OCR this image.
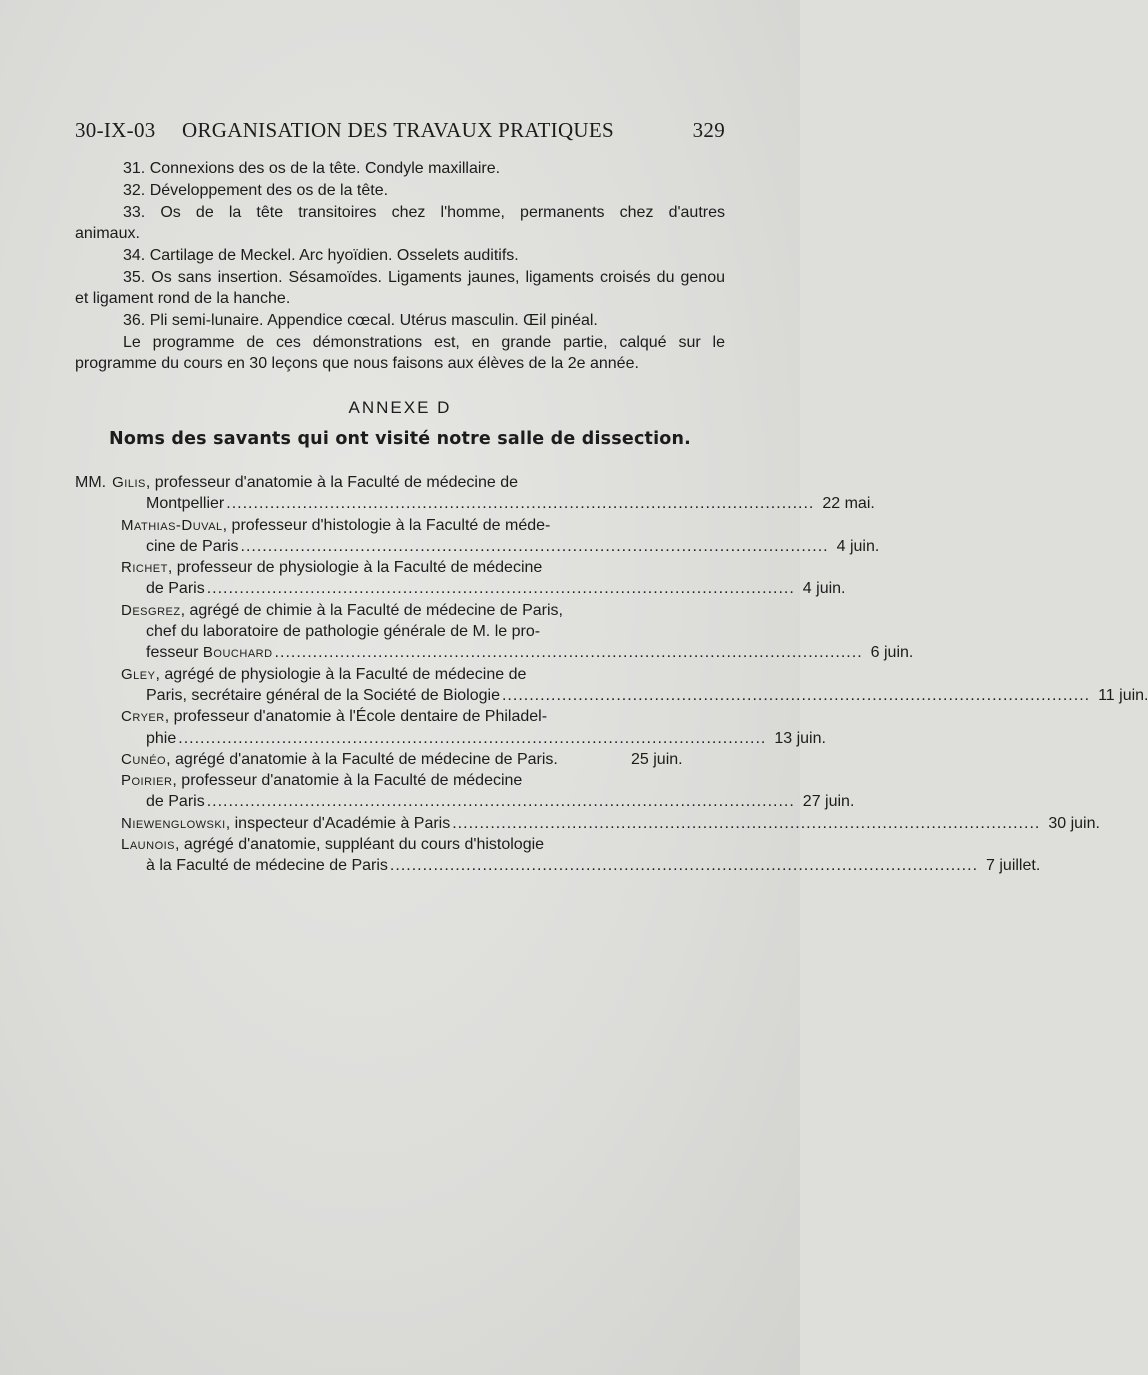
30-IX-03 ORGANISATION DES TRAVAUX PRATIQUES	329

31. Connexions des os de la tête. Condyle maxillaire.

32. Développement des os de la tête.

33. Os de la tête transitoires chez l'homme, permanents chez d'autres animaux.

34. Cartilage de Meckel. Arc hyoïdien. Osselets auditifs.

35. Os sans insertion. Sésamoïdes. Ligaments jaunes, ligaments croisés du genou et ligament rond de la hanche.

36. Pli semi-lunaire. Appendice cœcal. Utérus masculin. Œil pinéal.

Le programme de ces démonstrations est, en grande partie, calqué sur le programme du cours en 30 leçons que nous faisons aux élèves de la 2e année.

ANNEXE D
Noms des savants qui ont visité notre salle de dissection.
MM. Gilis, professeur d'anatomie à la Faculté de médecine de
Montpellier ............................................................................................................ 22 mai.
Mathias-Duval, professeur d'histologie à la Faculté de méde-
cine de Paris ............................................................................................................ 4 juin.
Richet, professeur de physiologie à la Faculté de médecine
de Paris ............................................................................................................ 4 juin.
Desgrez, agrégé de chimie à la Faculté de médecine de Paris,
chef du laboratoire de pathologie générale de M. le pro-
fesseur Bouchard ............................................................................................................ 6 juin.
Gley, agrégé de physiologie à la Faculté de médecine de
Paris, secrétaire général de la Société de Biologie ............................................................................................................ 11 juin.
Cryer, professeur d'anatomie à l'École dentaire de Philadel-
phie ............................................................................................................ 13 juin.
Cunéo, agrégé d'anatomie à la Faculté de médecine de Paris.	25 juin.
Poirier, professeur d'anatomie à la Faculté de médecine
de Paris ............................................................................................................ 27 juin.
Niewenglowski, inspecteur d'Académie à Paris ............................................................................................................ 30 juin.
Launois, agrégé d'anatomie, suppléant du cours d'histologie
à la Faculté de médecine de Paris ............................................................................................................ 7 juillet.
